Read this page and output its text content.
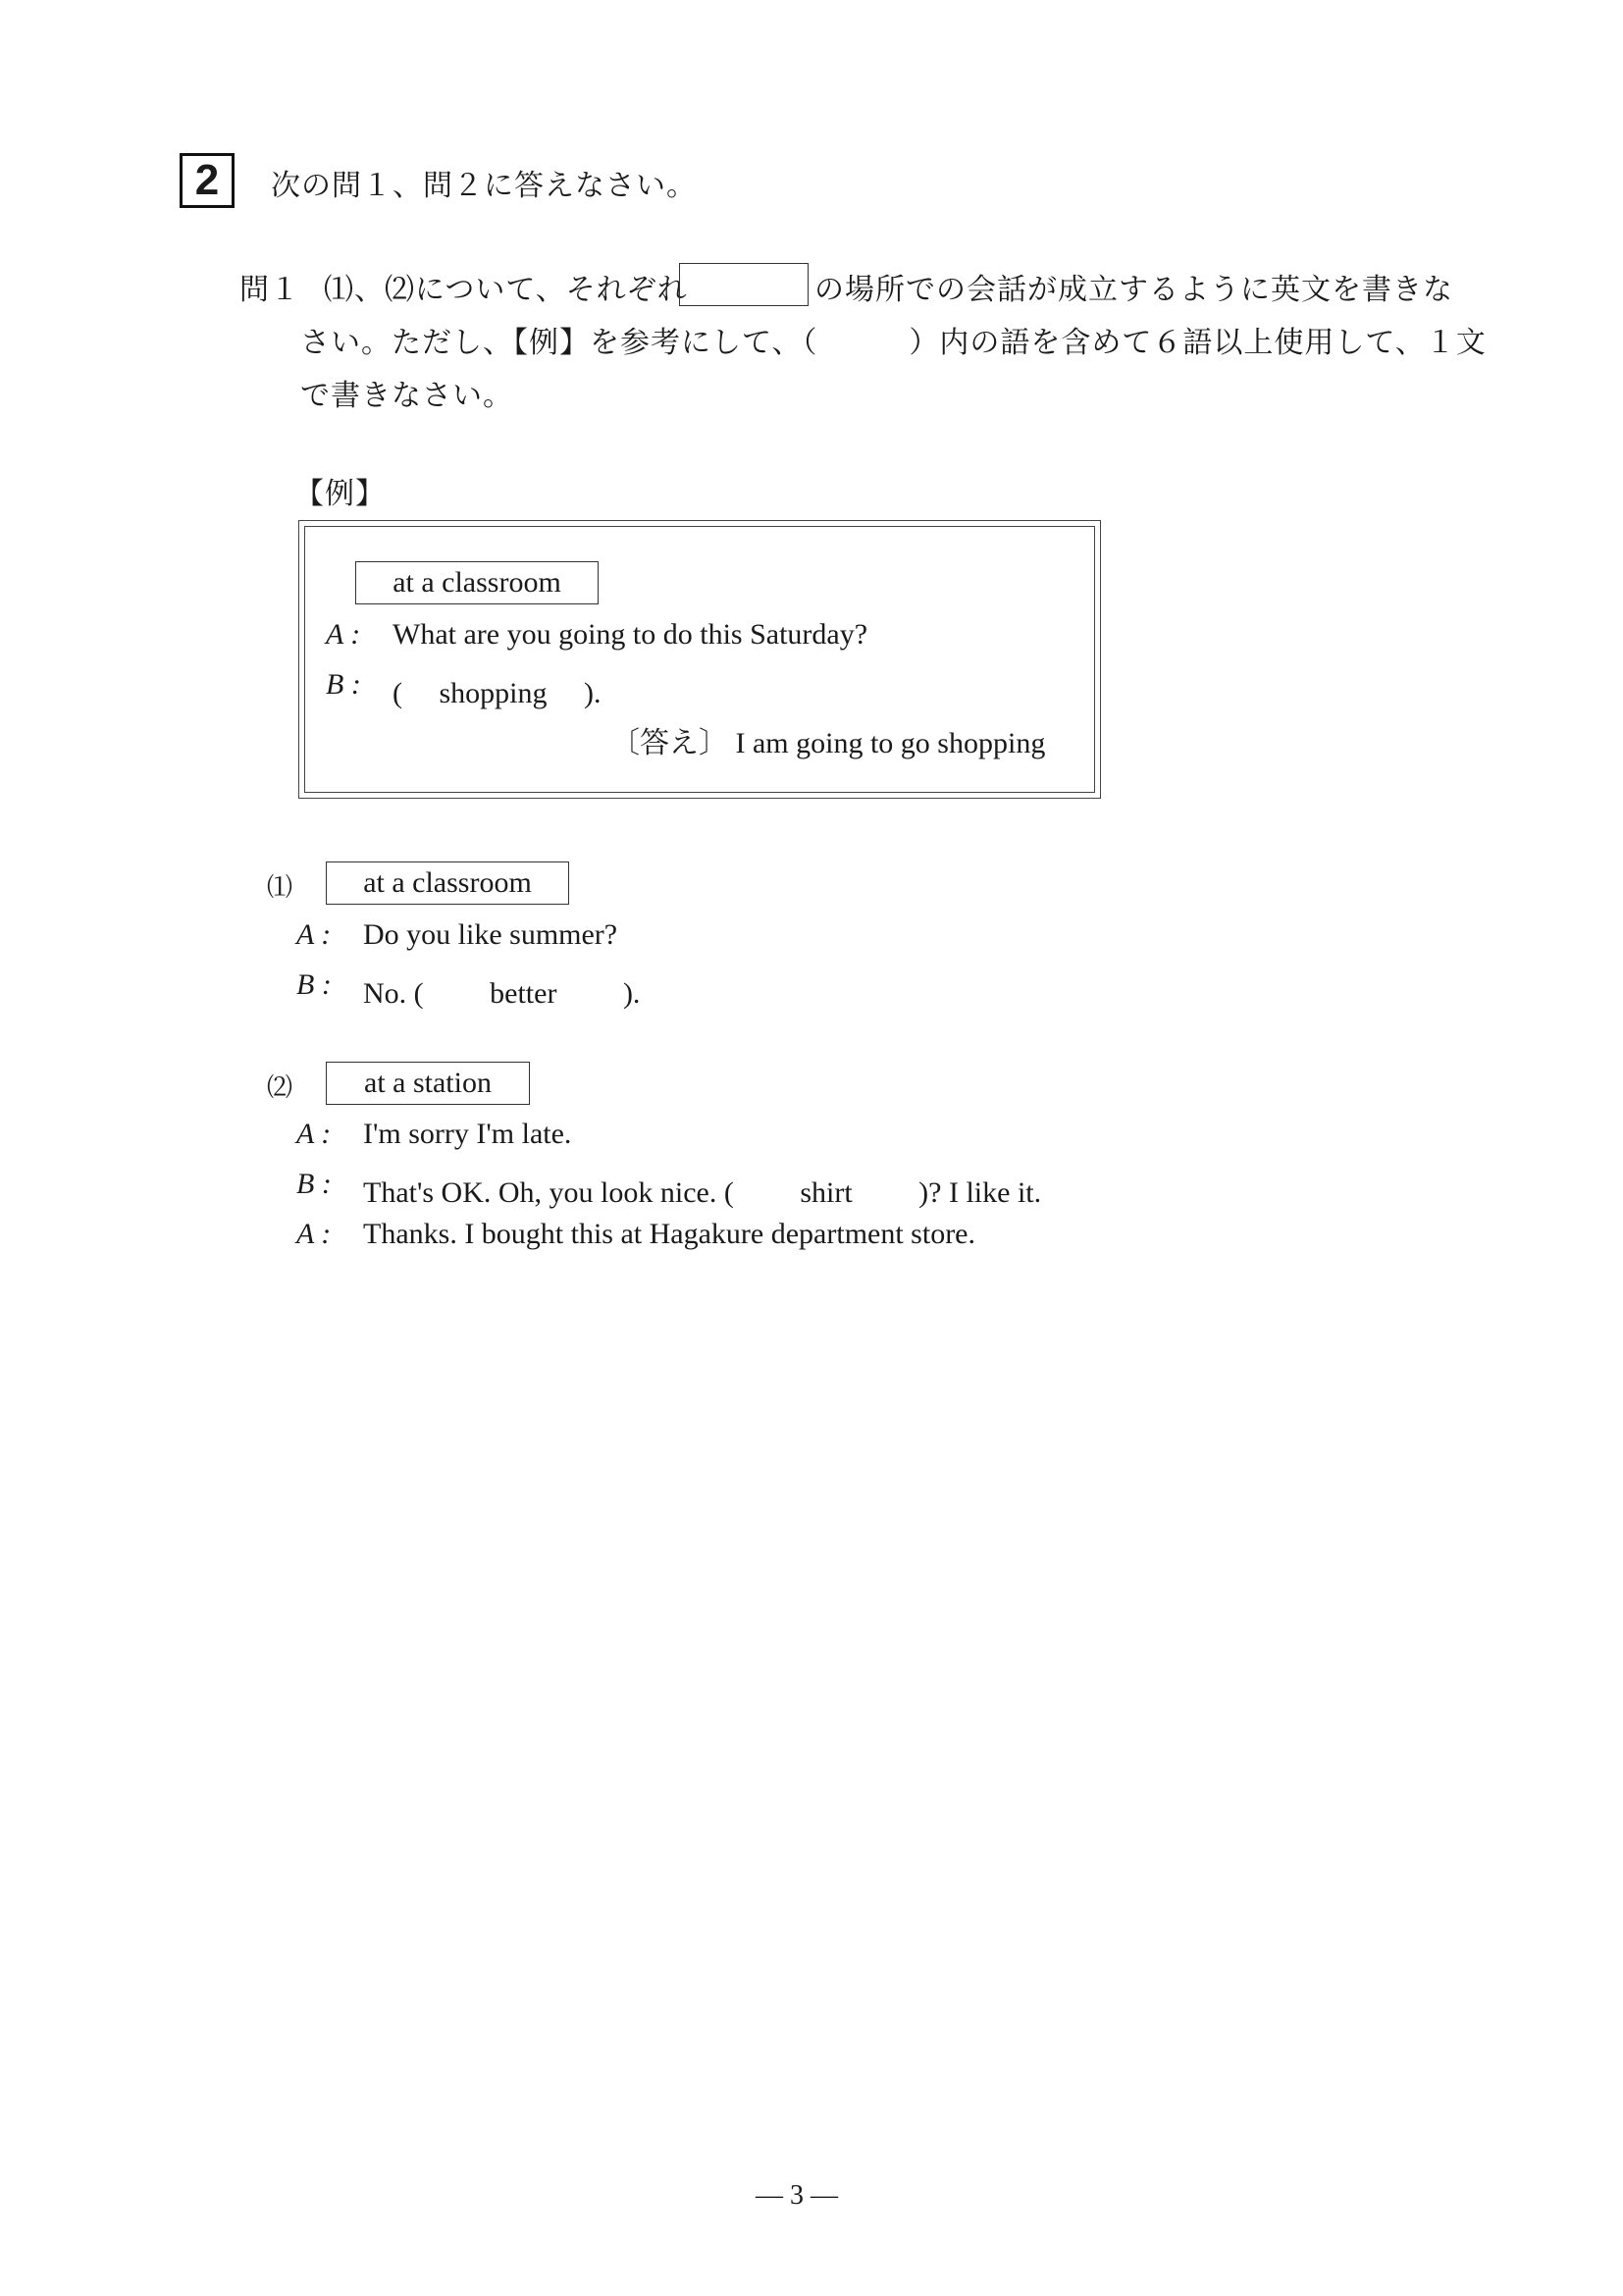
2 次の問１、問２に答えなさい。
問１ ⑴、⑵について、それぞれ	の場所での会話が成立するように英文を書きな
さい。ただし、【例】を参考にして、（　　　）内の語を含めて６語以上使用して、１文
で書きなさい。
【例】
at a classroom
A : What are you going to do this Saturday?
B : (　 shopping 　).
〔答え〕 I am going to go shopping
⑴ at a classroom
A : Do you like summer?
B : No. (　　 better　　 ).
⑵ at a station
A : I'm sorry I'm late.
B : That's OK. Oh, you look nice. (　　 shirt　　 )? I like it.
A : Thanks. I bought this at Hagakure department store.
— 3 —
